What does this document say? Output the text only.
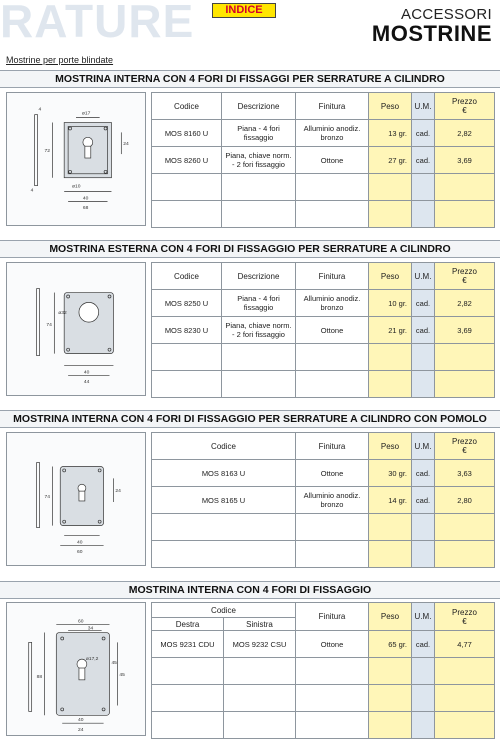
RATURE	INDICE	ACCESSORI
MOSTRINE
Mostrine per porte blindate
MOSTRINA INTERNA CON 4 FORI DI FISSAGGI PER SERRATURE A CILINDRO
ø17
72
24
40
68
ø10
4
4	Codice	Descrizione	Finitura	Peso	U.M.	Prezzo
€
MOS 8160 U	Piana - 4 fori fissaggio	Alluminio anodiz. bronzo	13 gr.	cad.	2,82
MOS 8260 U	Piana, chiave norm. - 2 fori fissaggio	Ottone	27 gr.	cad.	3,69

MOSTRINA ESTERNA CON 4 FORI DI FISSAGGIO PER SERRATURE A CILINDRO
74
ø32
40
44
Codice	Descrizione	Finitura	Peso	U.M.	Prezzo
€
MOS 8250 U	Piana - 4 fori fissaggio	Alluminio anodiz. bronzo	10 gr.	cad.	2,82
MOS 8230 U	Piana, chiave norm. - 2 fori fissaggio	Ottone	21 gr.	cad.	3,69

MOSTRINA INTERNA CON 4 FORI DI FISSAGGIO PER SERRATURE A CILINDRO CON POMOLO
74
24
40
60
Codice	Finitura	Peso	U.M.	Prezzo
€
MOS 8163 U	Ottone	30 gr.	cad.	3,63
MOS 8165 U	Alluminio anodiz. bronzo	14 gr.	cad.	2,80

MOSTRINA INTERNA CON 4 FORI DI FISSAGGIO
60
34
ø17,2
88
45
45
40
24
Codice		Finitura	Peso	U.M.	Prezzo
€
Destra	Sinistra				
MOS 9231 CDU	MOS 9232 CSU	Ottone	65 gr.	cad.	4,77
